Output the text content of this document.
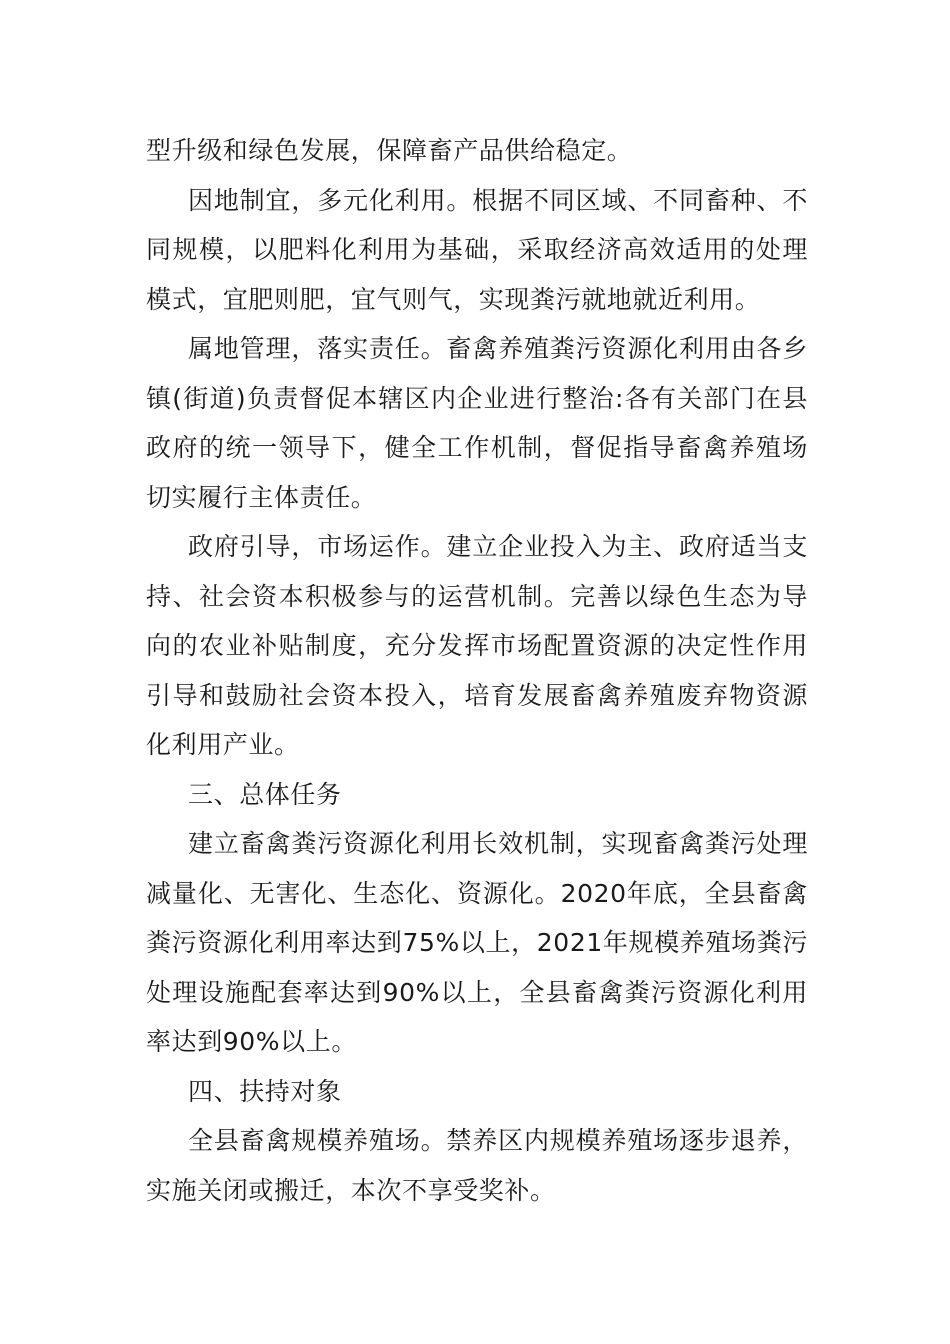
型升级和绿色发展，保障畜产品供给稳定。

因地制宜，多元化利用。根据不同区域、不同畜种、不同规模，以肥料化利用为基础，采取经济高效适用的处理模式，宜肥则肥，宜气则气，实现粪污就地就近利用。

属地管理，落实责任。畜禽养殖粪污资源化利用由各乡镇(街道)负责督促本辖区内企业进行整治:各有关部门在县政府的统一领导下，健全工作机制，督促指导畜禽养殖场切实履行主体责任。

政府引导，市场运作。建立企业投入为主、政府适当支持、社会资本积极参与的运营机制。完善以绿色生态为导向的农业补贴制度，充分发挥市场配置资源的决定性作用引导和鼓励社会资本投入，培育发展畜禽养殖废弃物资源化利用产业。

三、总体任务

建立畜禽粪污资源化利用长效机制，实现畜禽粪污处理减量化、无害化、生态化、资源化。2020年底，全县畜禽粪污资源化利用率达到75%以上，2021年规模养殖场粪污处理设施配套率达到90%以上，全县畜禽粪污资源化利用率达到90%以上。

四、扶持对象

全县畜禽规模养殖场。禁养区内规模养殖场逐步退养，实施关闭或搬迁，本次不享受奖补。
